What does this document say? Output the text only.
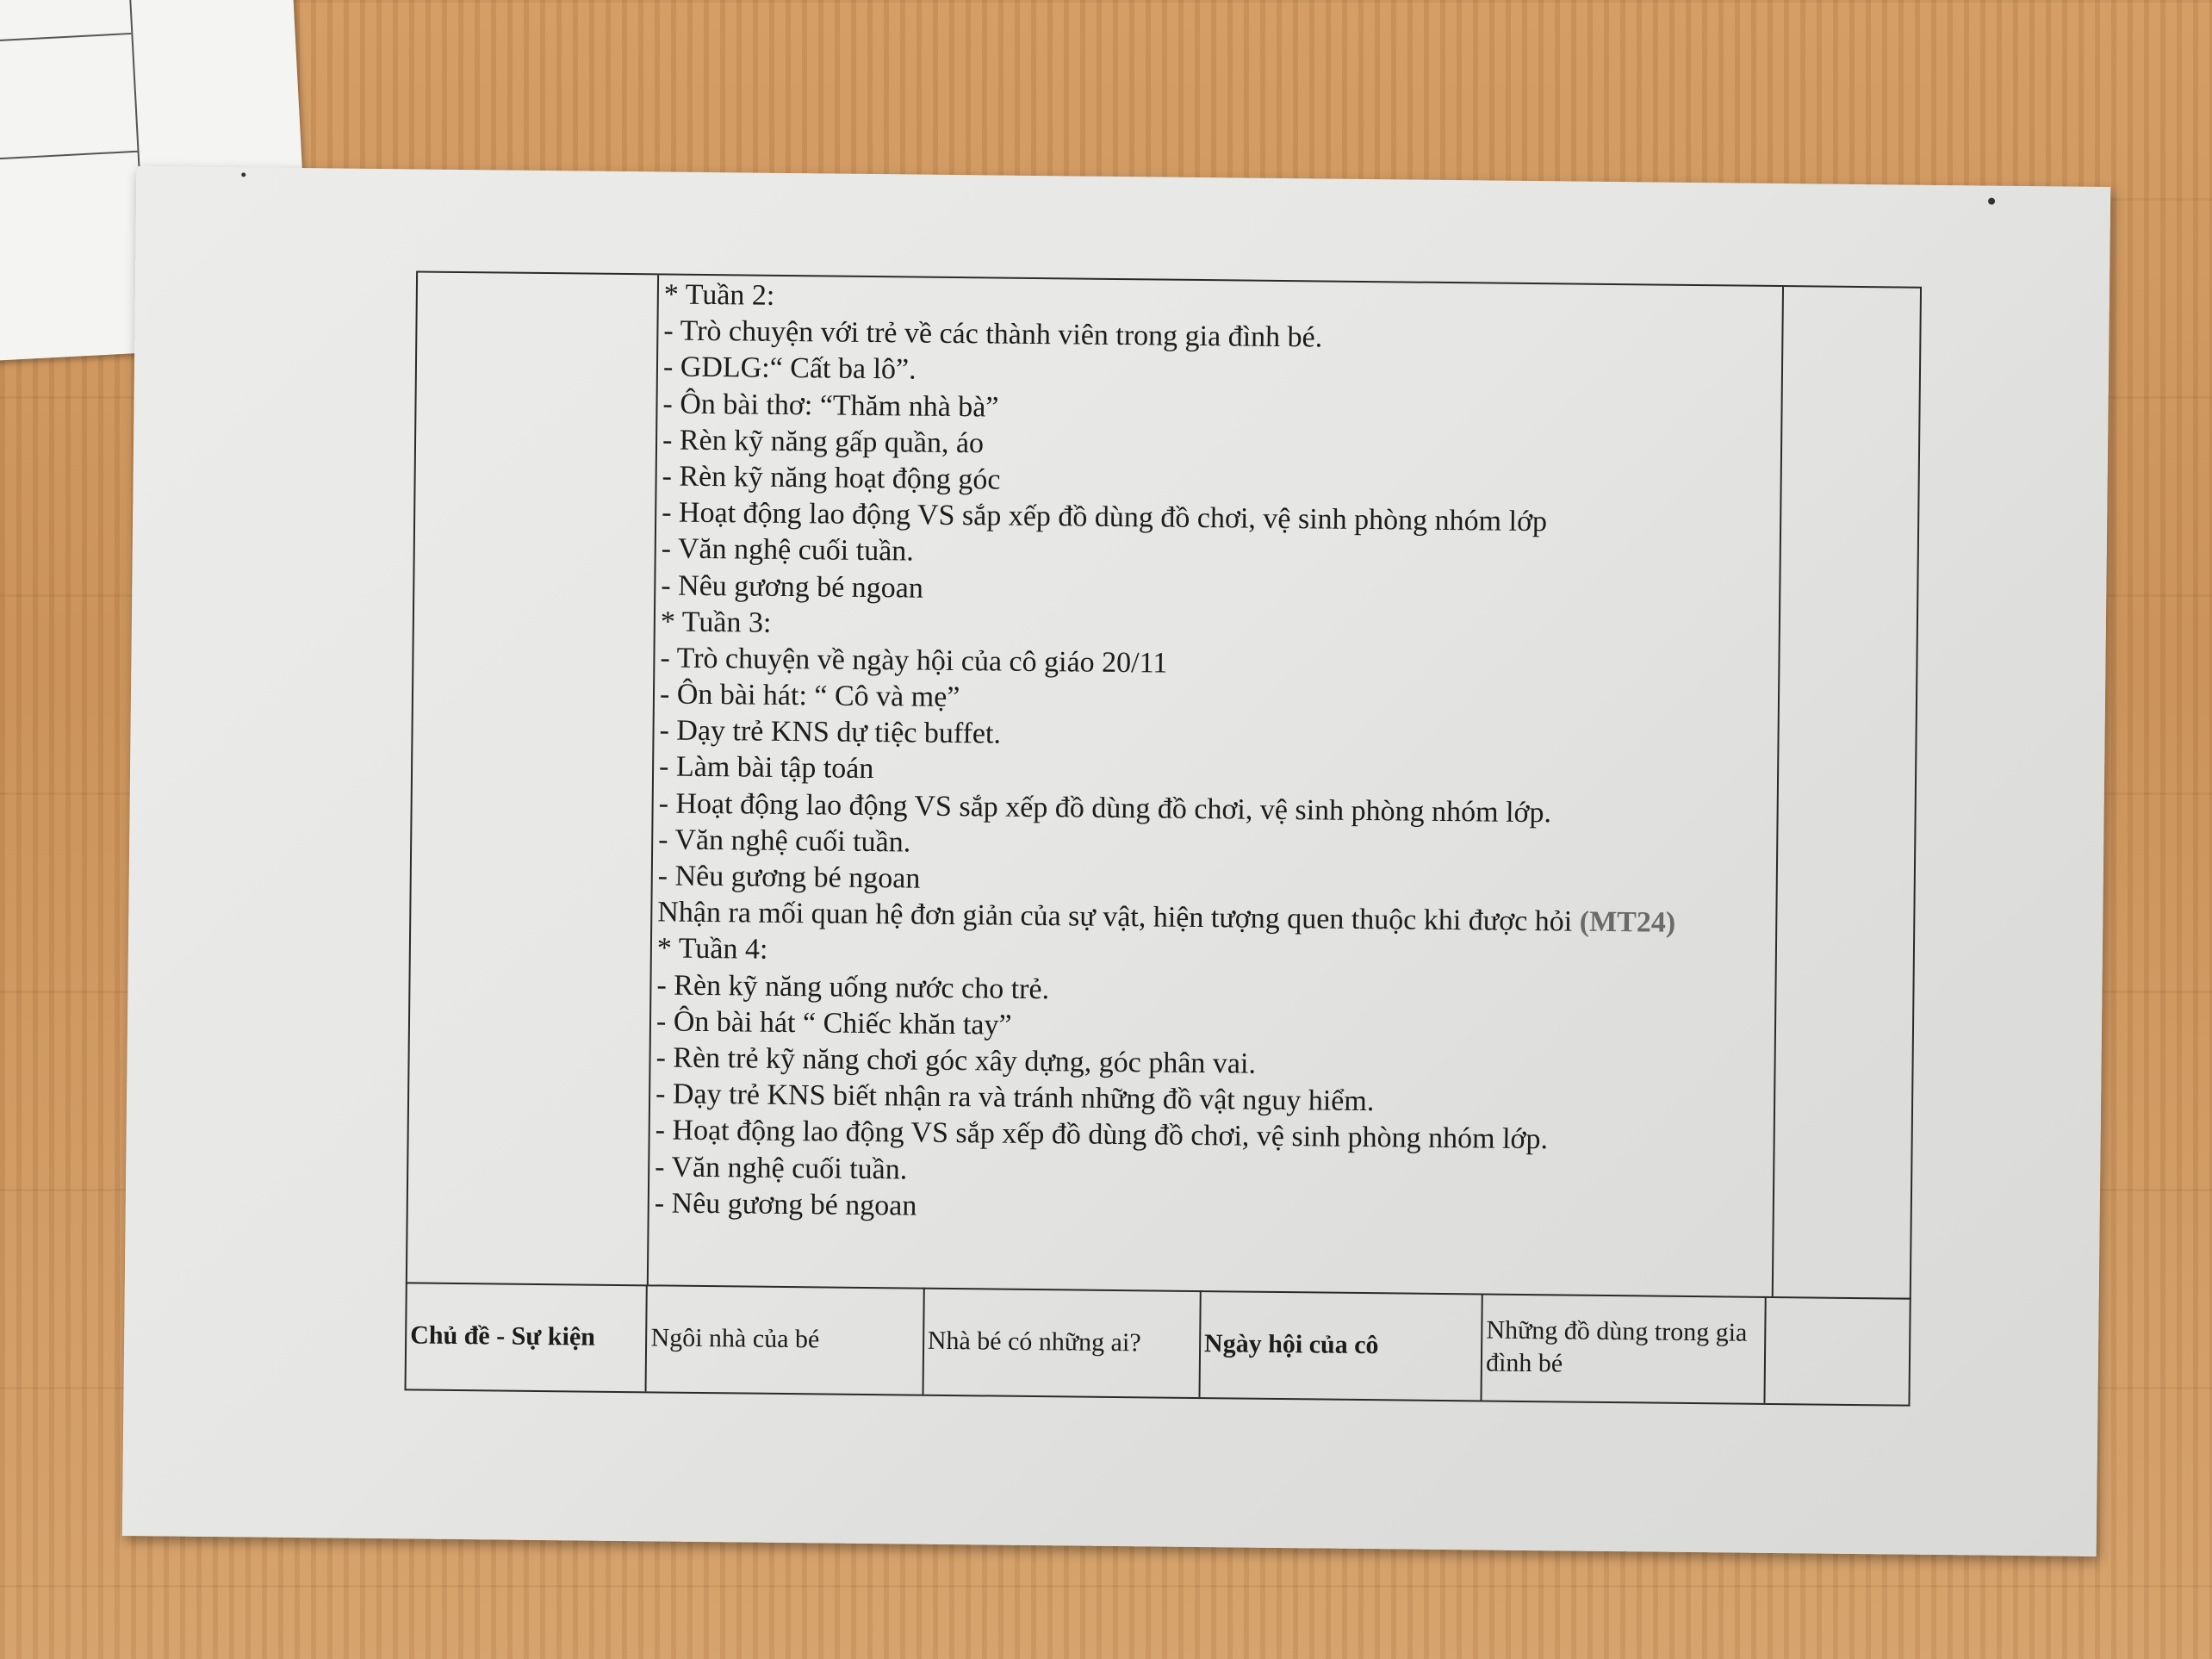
* Tuần 2:
- Trò chuyện với trẻ về các thành viên trong gia đình bé.
- GDLG:“ Cất ba lô”.
- Ôn bài thơ: “Thăm nhà bà”
- Rèn kỹ năng gấp quần, áo
- Rèn kỹ năng hoạt động góc
- Hoạt động lao động VS sắp xếp đồ dùng đồ chơi, vệ sinh phòng nhóm lớp
- Văn nghệ cuối tuần.
- Nêu gương bé ngoan
* Tuần 3:
- Trò chuyện về ngày hội của cô giáo 20/11
- Ôn bài hát: “ Cô và mẹ”
- Dạy trẻ KNS dự tiệc buffet.
- Làm bài tập toán
- Hoạt động lao động VS sắp xếp đồ dùng đồ chơi, vệ sinh phòng nhóm lớp.
- Văn nghệ cuối tuần.
- Nêu gương bé ngoan
Nhận ra mối quan hệ đơn giản của sự vật, hiện tượng quen thuộc khi được hỏi (MT24)
* Tuần 4:
- Rèn kỹ năng uống nước cho trẻ.
- Ôn bài hát “ Chiếc khăn tay”
- Rèn trẻ kỹ năng chơi góc xây dựng, góc phân vai.
- Dạy trẻ KNS biết nhận ra và tránh những đồ vật nguy hiểm.
- Hoạt động lao động VS sắp xếp đồ dùng đồ chơi, vệ sinh phòng nhóm lớp.
- Văn nghệ cuối tuần.
- Nêu gương bé ngoan
Chủ đề - Sự kiện	Ngôi nhà của bé	Nhà bé có những ai?	Ngày hội của cô	Những đồ dùng trong gia đình bé
